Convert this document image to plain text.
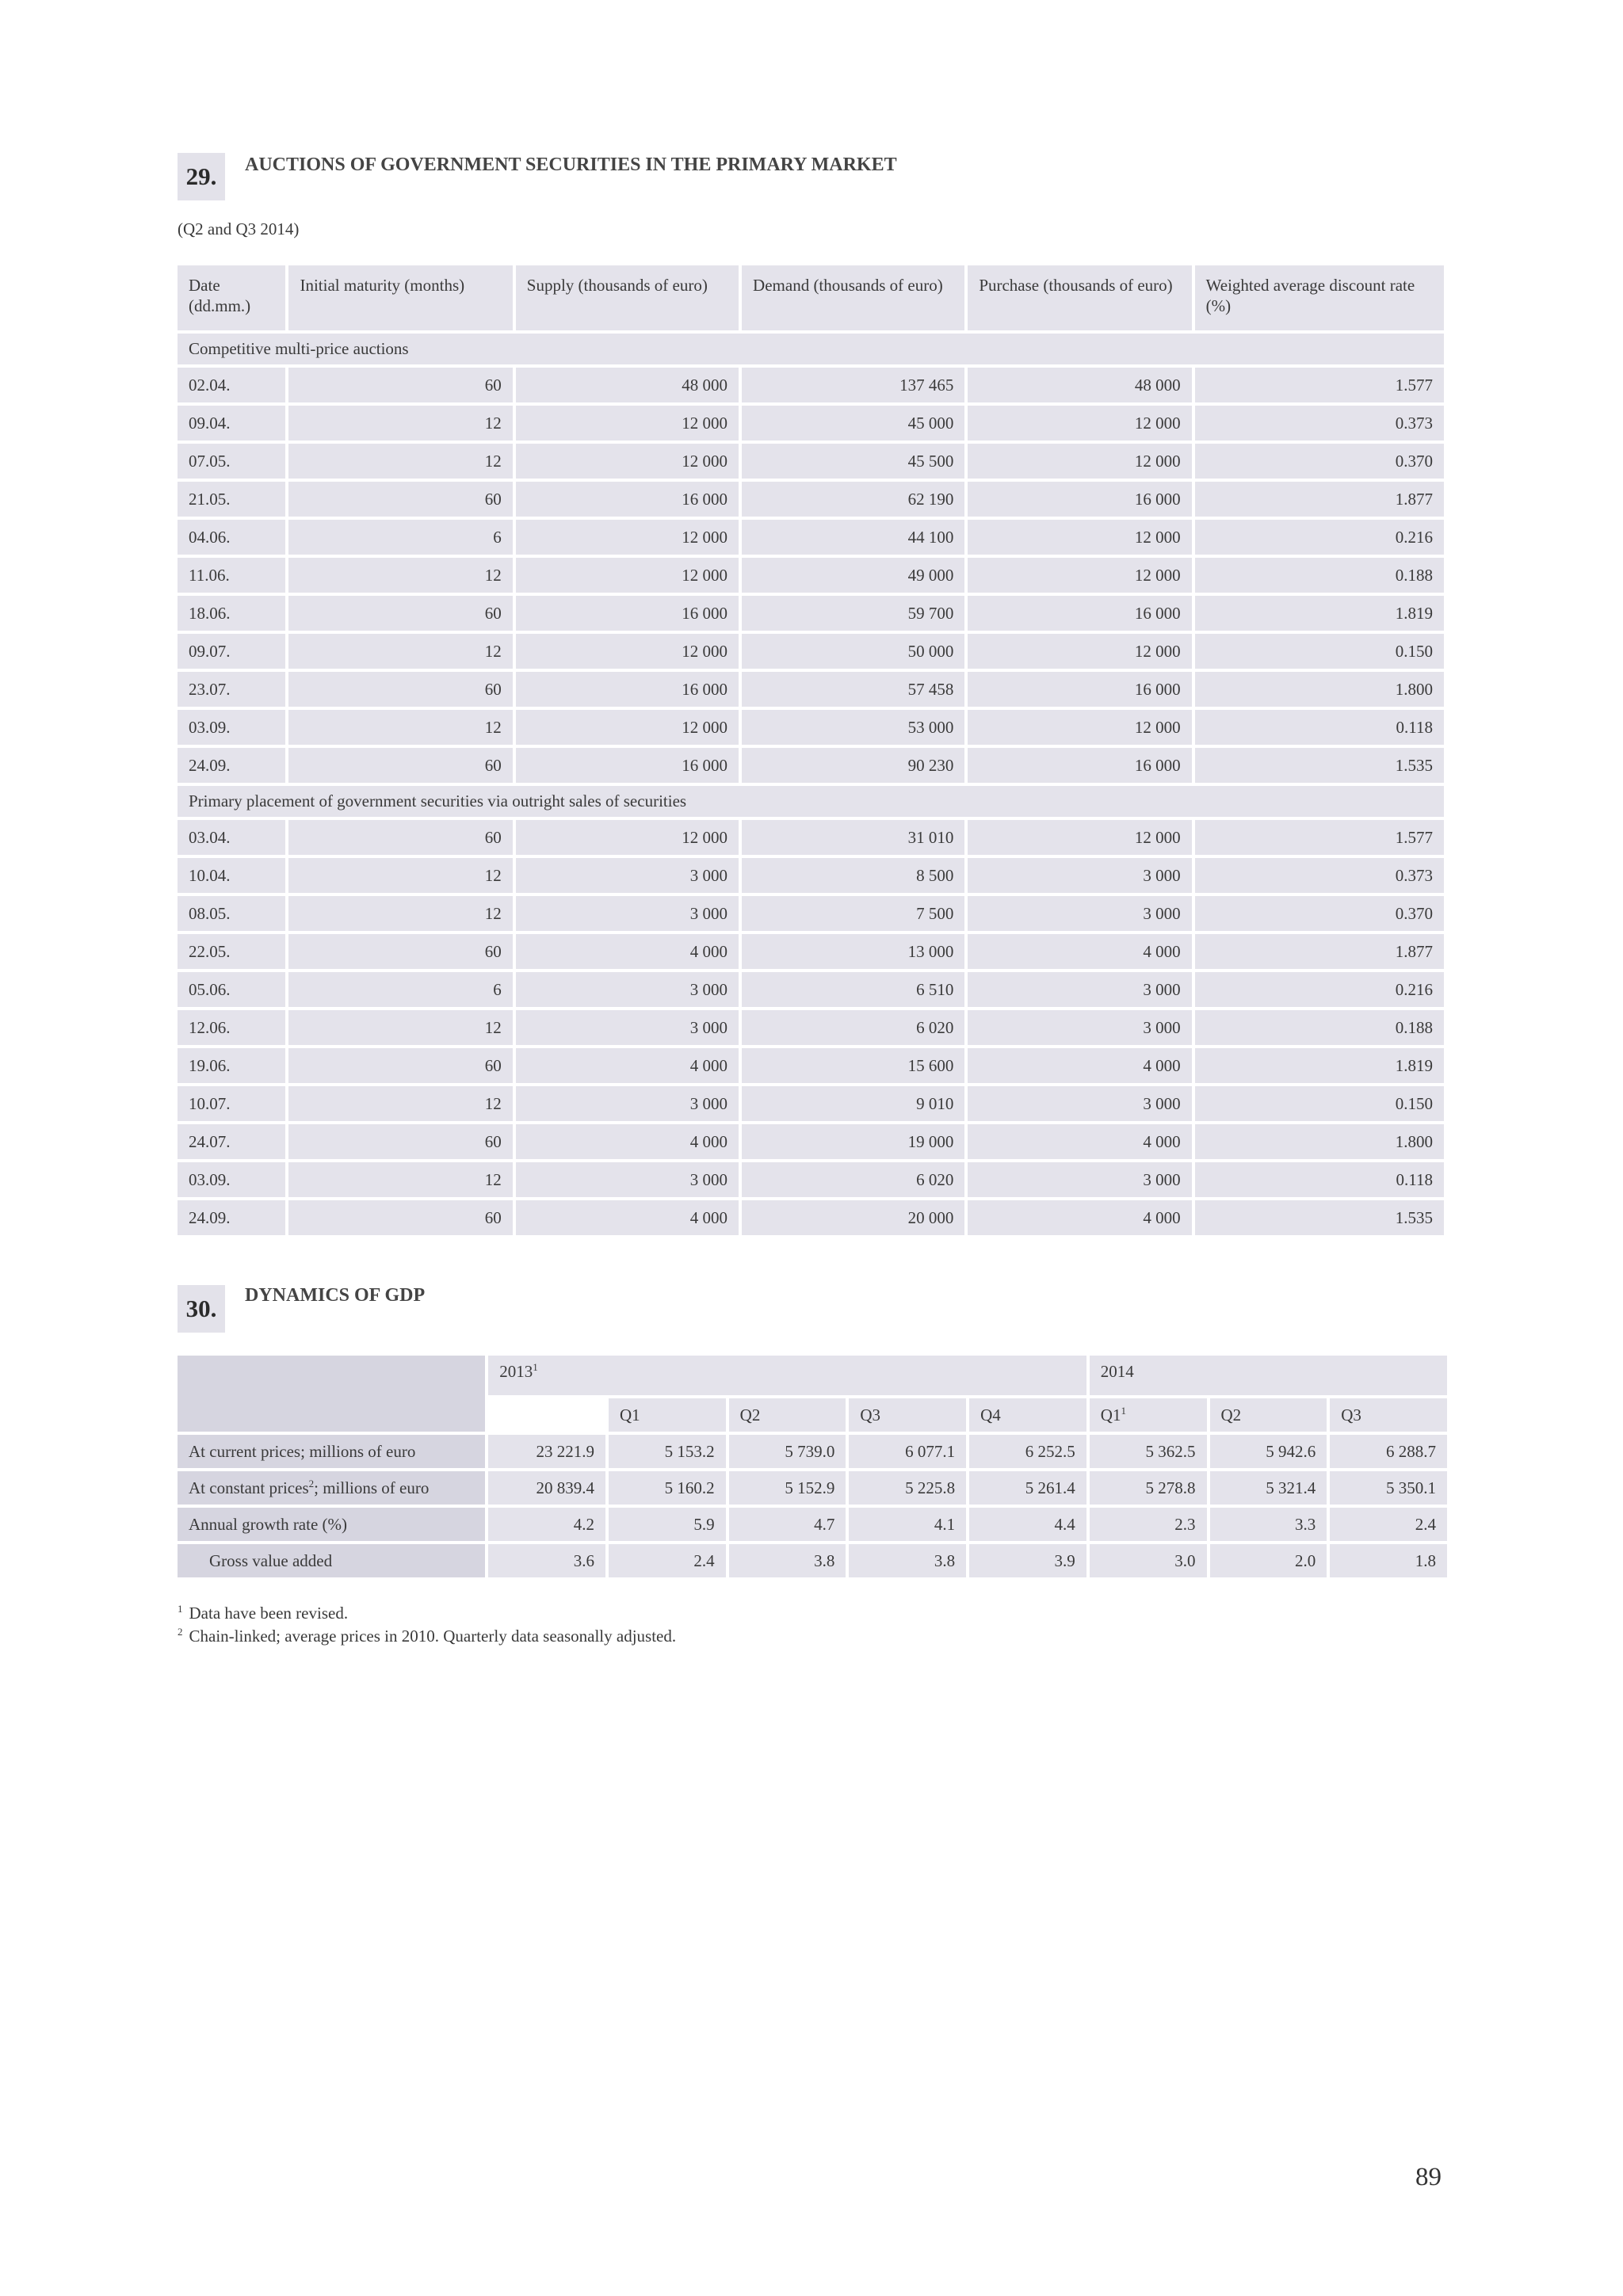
29.	AUCTIONS OF GOVERNMENT SECURITIES IN THE PRIMARY MARKET
(Q2 and Q3 2014)
Date (dd.mm.)	Initial maturity (months)	Supply (thousands of euro)	Demand (thousands of euro)	Purchase (thousands of euro)	Weighted average discount rate (%)
Competitive multi-price auctions					
02.04.	60	48 000	137 465	48 000	1.577
09.04.	12	12 000	45 000	12 000	0.373
07.05.	12	12 000	45 500	12 000	0.370
21.05.	60	16 000	62 190	16 000	1.877
04.06.	6	12 000	44 100	12 000	0.216
11.06.	12	12 000	49 000	12 000	0.188
18.06.	60	16 000	59 700	16 000	1.819
09.07.	12	12 000	50 000	12 000	0.150
23.07.	60	16 000	57 458	16 000	1.800
03.09.	12	12 000	53 000	12 000	0.118
24.09.	60	16 000	90 230	16 000	1.535
Primary placement of government securities via outright sales of securities					
03.04.	60	12 000	31 010	12 000	1.577
10.04.	12	3 000	8 500	3 000	0.373
08.05.	12	3 000	7 500	3 000	0.370
22.05.	60	4 000	13 000	4 000	1.877
05.06.	6	3 000	6 510	3 000	0.216
12.06.	12	3 000	6 020	3 000	0.188
19.06.	60	4 000	15 600	4 000	1.819
10.07.	12	3 000	9 010	3 000	0.150
24.07.	60	4 000	19 000	4 000	1.800
03.09.	12	3 000	6 020	3 000	0.118
24.09.	60	4 000	20 000	4 000	1.535
30.	DYNAMICS OF GDP
	2013$^1$					2014		
		Q1	Q2	Q3	Q4	$Q1^1$	Q2	Q3
At current prices; millions of euro	23 221.9	5 153.2	5 739.0	6 077.1	6 252.5	5 362.5	5 942.6	6 288.7
At constant prices$^2$; millions of euro	20 839.4	5 160.2	5 152.9	5 225.8	5 261.4	5 278.8	5 321.4	5 350.1
Annual growth rate (%)	4.2	5.9	4.7	4.1	4.4	2.3	3.3	2.4
Gross value added	3.6	2.4	3.8	3.8	3.9	3.0	2.0	1.8
$^1$ Data have been revised.
$^2$ Chain-linked; average prices in 2010. Quarterly data seasonally adjusted.
89
